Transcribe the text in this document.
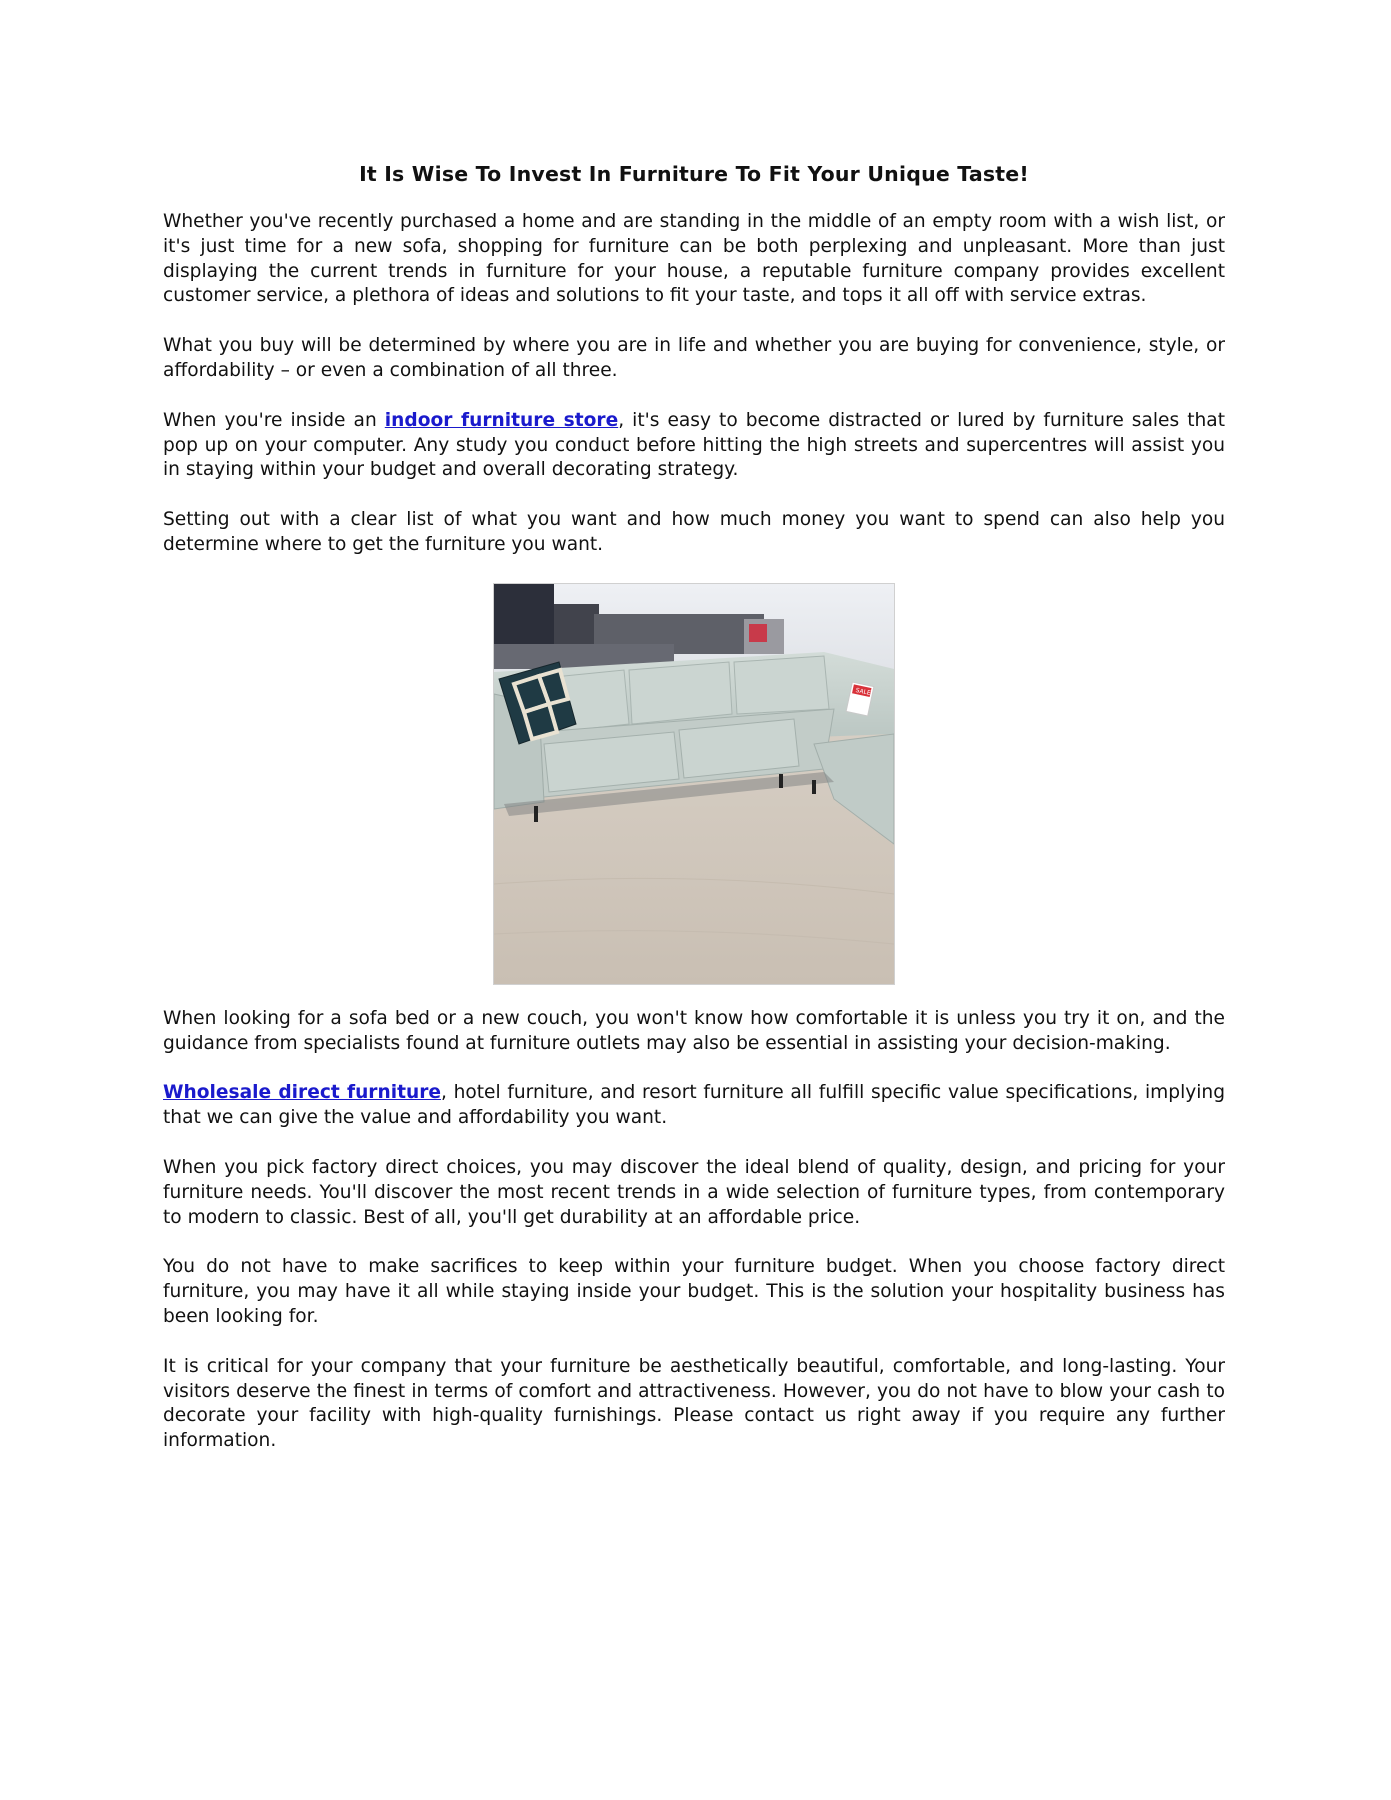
It Is Wise To Invest In Furniture To Fit Your Unique Taste!

Whether you've recently purchased a home and are standing in the middle of an empty room with a wish list, or it's just time for a new sofa, shopping for furniture can be both perplexing and unpleasant. More than just displaying the current trends in furniture for your house, a reputable furniture company provides excellent customer service, a plethora of ideas and solutions to fit your taste, and tops it all off with service extras.

What you buy will be determined by where you are in life and whether you are buying for convenience, style, or affordability – or even a combination of all three.

When you're inside an indoor furniture store, it's easy to become distracted or lured by furniture sales that pop up on your computer. Any study you conduct before hitting the high streets and supercentres will assist you in staying within your budget and overall decorating strategy.

Setting out with a clear list of what you want and how much money you want to spend can also help you determine where to get the furniture you want.

SALE

When looking for a sofa bed or a new couch, you won't know how comfortable it is unless you try it on, and the guidance from specialists found at furniture outlets may also be essential in assisting your decision-making.

Wholesale direct furniture, hotel furniture, and resort furniture all fulfill specific value specifications, implying that we can give the value and affordability you want.

When you pick factory direct choices, you may discover the ideal blend of quality, design, and pricing for your furniture needs. You'll discover the most recent trends in a wide selection of furniture types, from contemporary to modern to classic. Best of all, you'll get durability at an affordable price.

You do not have to make sacrifices to keep within your furniture budget. When you choose factory direct furniture, you may have it all while staying inside your budget. This is the solution your hospitality business has been looking for.

It is critical for your company that your furniture be aesthetically beautiful, comfortable, and long-lasting. Your visitors deserve the finest in terms of comfort and attractiveness. However, you do not have to blow your cash to decorate your facility with high-quality furnishings. Please contact us right away if you require any further information.
